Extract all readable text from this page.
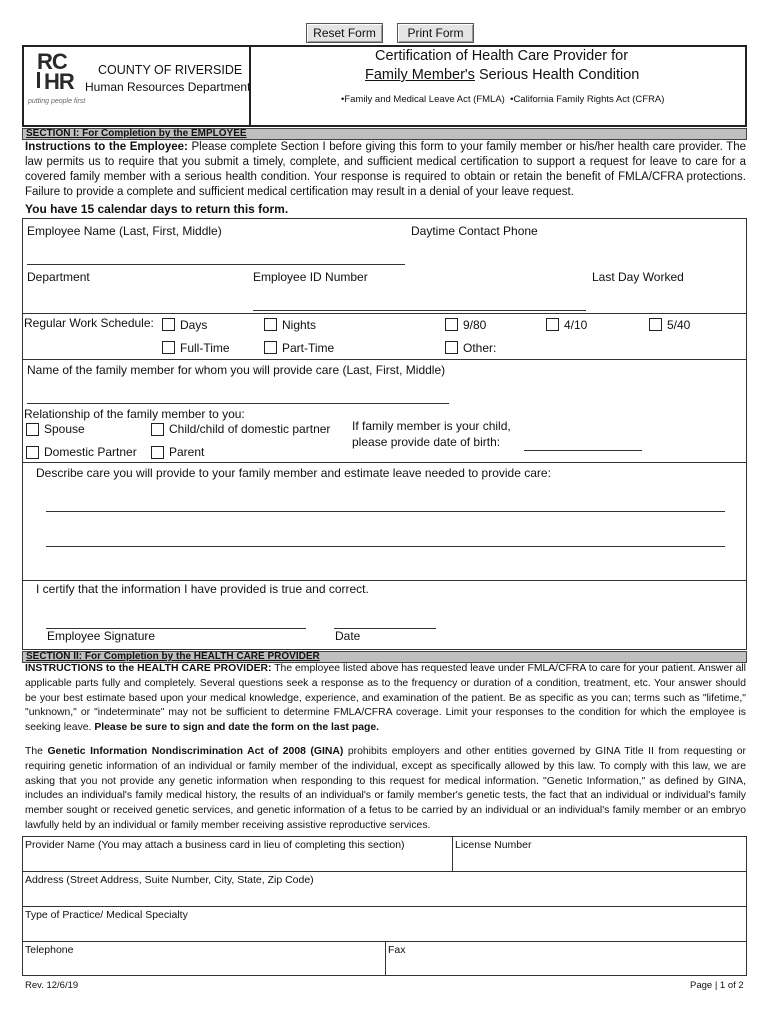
Reset Form	Print Form
RC
HR
putting people first
COUNTY OF RIVERSIDE
Human Resources Department
Certification of Health Care Provider for
Family Member's Serious Health Condition
•Family and Medical Leave Act (FMLA) •California Family Rights Act (CFRA)
SECTION I: For Completion by the EMPLOYEE
Instructions to the Employee: Please complete Section I before giving this form to your family member or his/her health care provider. The law permits us to require that you submit a timely, complete, and sufficient medical certification to support a request for leave to care for a covered family member with a serious health condition. Your response is required to obtain or retain the benefit of FMLA/CFRA protections. Failure to provide a complete and sufficient medical certification may result in a denial of your leave request.
You have 15 calendar days to return this form.
Employee Name (Last, First, Middle)	Daytime Contact Phone
Department	Employee ID Number	Last Day Worked
Regular Work Schedule: Days	Nights	9/80	4/10	5/40
Full-Time	Part-Time	Other:
Name of the family member for whom you will provide care (Last, First, Middle)
Relationship of the family member to you:
Spouse	Child/child of domestic partner If family member is your child,
please provide date of birth:
Domestic Partner	Parent
Describe care you will provide to your family member and estimate leave needed to provide care:
I certify that the information I have provided is true and correct.
Employee Signature	Date
SECTION II: For Completion by the HEALTH CARE PROVIDER
INSTRUCTIONS to the HEALTH CARE PROVIDER: The employee listed above has requested leave under FMLA/CFRA to care for your patient. Answer all applicable parts fully and completely. Several questions seek a response as to the frequency or duration of a condition, treatment, etc. Your answer should be your best estimate based upon your medical knowledge, experience, and examination of the patient. Be as specific as you can; terms such as "lifetime," "unknown," or "indeterminate" may not be sufficient to determine FMLA/CFRA coverage. Limit your responses to the condition for which the employee is seeking leave. Please be sure to sign and date the form on the last page.
The Genetic Information Nondiscrimination Act of 2008 (GINA) prohibits employers and other entities governed by GINA Title II from requesting or requiring genetic information of an individual or family member of the individual, except as specifically allowed by this law. To comply with this law, we are asking that you not provide any genetic information when responding to this request for medical information. "Genetic Information," as defined by GINA, includes an individual's family medical history, the results of an individual's or family member's genetic tests, the fact that an individual or individual's family member sought or received genetic services, and genetic information of a fetus to be carried by an individual or an individual's family member or an embryo lawfully held by an individual or family member receiving assistive reproductive services.
Provider Name (You may attach a business card in lieu of completing this section)	License Number
Address (Street Address, Suite Number, City, State, Zip Code)
Type of Practice/ Medical Specialty
Telephone	Fax
Rev. 12/6/19	Page | 1 of 2
